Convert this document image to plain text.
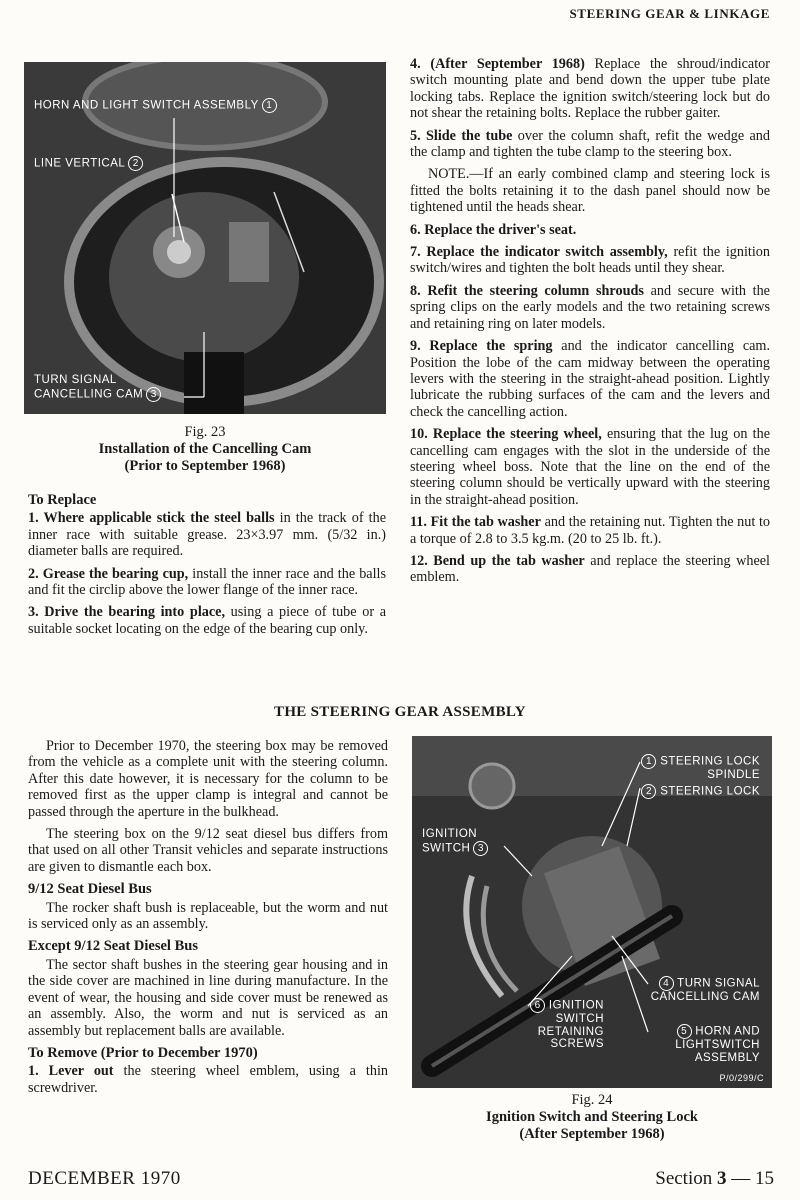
STEERING GEAR & LINKAGE
HORN AND LIGHT SWITCH ASSEMBLY 1
LINE VERTICAL 2
TURN SIGNAL CANCELLING CAM 3
Fig. 23
Installation of the Cancelling Cam
(Prior to September 1968)
To Replace

1. Where applicable stick the steel balls in the track of the inner race with suitable grease. 23×3.97 mm. (5/32 in.) diameter balls are required.

2. Grease the bearing cup, install the inner race and the balls and fit the circlip above the lower flange of the inner race.

3. Drive the bearing into place, using a piece of tube or a suitable socket locating on the edge of the bearing cup only.

4. (After September 1968) Replace the shroud/indicator switch mounting plate and bend down the upper tube plate locking tabs. Replace the ignition switch/steering lock but do not shear the retaining bolts. Replace the rubber gaiter.

5. Slide the tube over the column shaft, refit the wedge and the clamp and tighten the tube clamp to the steering box.

NOTE.—If an early combined clamp and steering lock is fitted the bolts retaining it to the dash panel should now be tightened until the heads shear.

6. Replace the driver's seat.

7. Replace the indicator switch assembly, refit the ignition switch/wires and tighten the bolt heads until they shear.

8. Refit the steering column shrouds and secure with the spring clips on the early models and the two retaining screws and retaining ring on later models.

9. Replace the spring and the indicator cancelling cam. Position the lobe of the cam midway between the operating levers with the steering in the straight-ahead position. Lightly lubricate the rubbing surfaces of the cam and the levers and check the cancelling action.

10. Replace the steering wheel, ensuring that the lug on the cancelling cam engages with the slot in the underside of the steering wheel boss. Note that the line on the end of the steering column should be vertically upward with the steering in the straight-ahead position.

11. Fit the tab washer and the retaining nut. Tighten the nut to a torque of 2.8 to 3.5 kg.m. (20 to 25 lb. ft.).

12. Bend up the tab washer and replace the steering wheel emblem.

THE STEERING GEAR ASSEMBLY

Prior to December 1970, the steering box may be removed from the vehicle as a complete unit with the steering column. After this date however, it is necessary for the column to be removed first as the upper clamp is integral and cannot be passed through the aperture in the bulkhead.

The steering box on the 9/12 seat diesel bus differs from that used on all other Transit vehicles and separate instructions are given to dismantle each box.

9/12 Seat Diesel Bus

The rocker shaft bush is replaceable, but the worm and nut is serviced only as an assembly.

Except 9/12 Seat Diesel Bus

The sector shaft bushes in the steering gear housing and in the side cover are machined in line during manufacture. In the event of wear, the housing and side cover must be renewed as an assembly. Also, the worm and nut is serviced as an assembly but replacement balls are available.

To Remove (Prior to December 1970)

1. Lever out the steering wheel emblem, using a thin screwdriver.

1 STEERING LOCK SPINDLE
2 STEERING LOCK
IGNITION SWITCH 3
4 TURN SIGNAL CANCELLING CAM
5 HORN AND LIGHTSWITCH ASSEMBLY
6 IGNITION SWITCH RETAINING SCREWS
P/0/299/C
Fig. 24
Ignition Switch and Steering Lock
(After September 1968)
DECEMBER 1970	Section 3 — 15
